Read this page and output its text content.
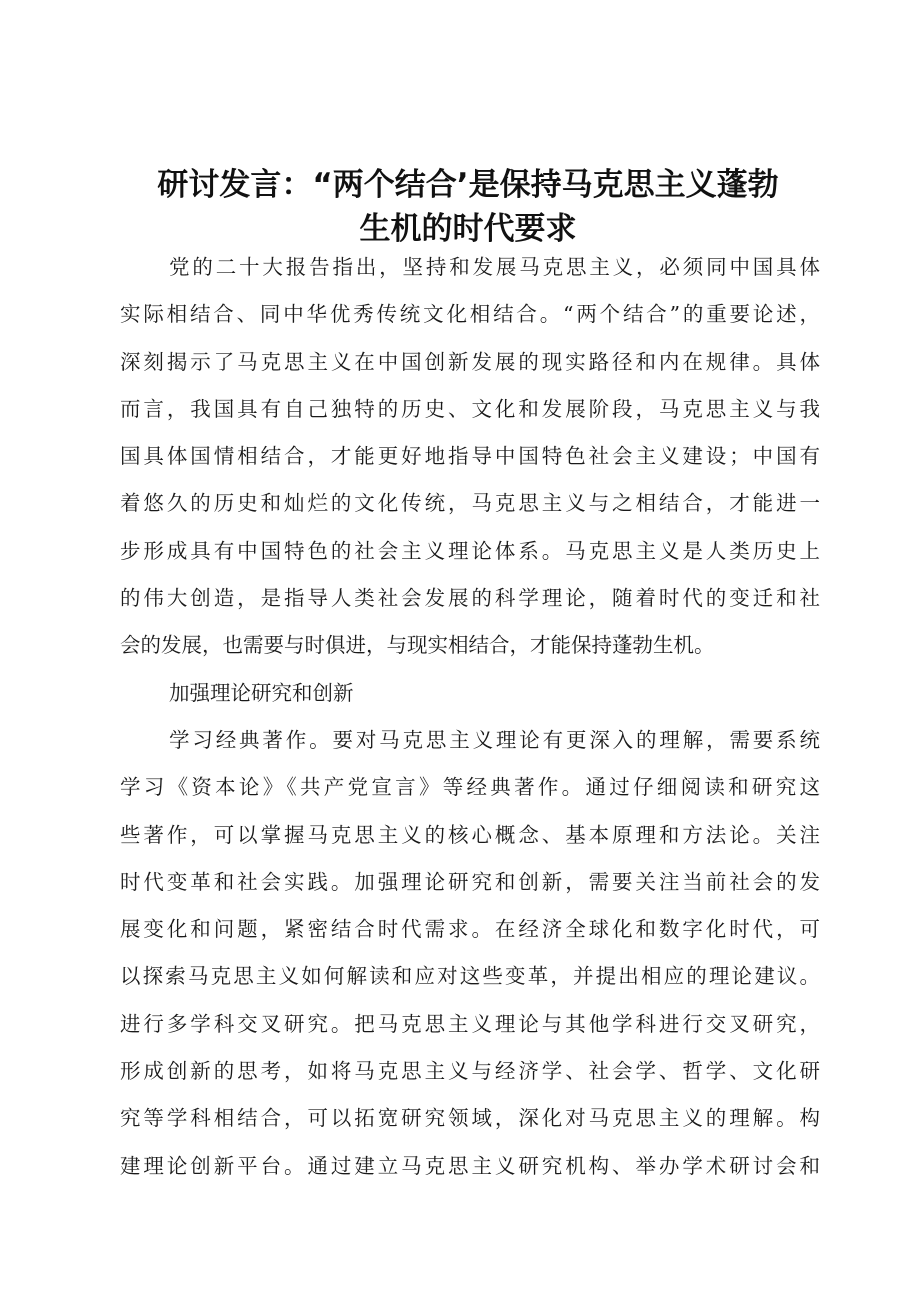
研讨发言：“两个结合’是保持马克思主义蓬勃
生机的时代要求
党的二十大报告指出，坚持和发展马克思主义，必须同中国具体
实际相结合、同中华优秀传统文化相结合。“两个结合”的重要论述，
深刻揭示了马克思主义在中国创新发展的现实路径和内在规律。具体
而言，我国具有自己独特的历史、文化和发展阶段，马克思主义与我
国具体国情相结合，才能更好地指导中国特色社会主义建设；中国有
着悠久的历史和灿烂的文化传统，马克思主义与之相结合，才能进一
步形成具有中国特色的社会主义理论体系。马克思主义是人类历史上
的伟大创造，是指导人类社会发展的科学理论，随着时代的变迁和社
会的发展，也需要与时俱进，与现实相结合，才能保持蓬勃生机。
加强理论研究和创新
学习经典著作。要对马克思主义理论有更深入的理解，需要系统
学习《资本论》《共产党宣言》等经典著作。通过仔细阅读和研究这
些著作，可以掌握马克思主义的核心概念、基本原理和方法论。关注
时代变革和社会实践。加强理论研究和创新，需要关注当前社会的发
展变化和问题，紧密结合时代需求。在经济全球化和数字化时代，可
以探索马克思主义如何解读和应对这些变革，并提出相应的理论建议。
进行多学科交叉研究。把马克思主义理论与其他学科进行交叉研究，
形成创新的思考，如将马克思主义与经济学、社会学、哲学、文化研
究等学科相结合，可以拓宽研究领域，深化对马克思主义的理解。构
建理论创新平台。通过建立马克思主义研究机构、举办学术研讨会和
